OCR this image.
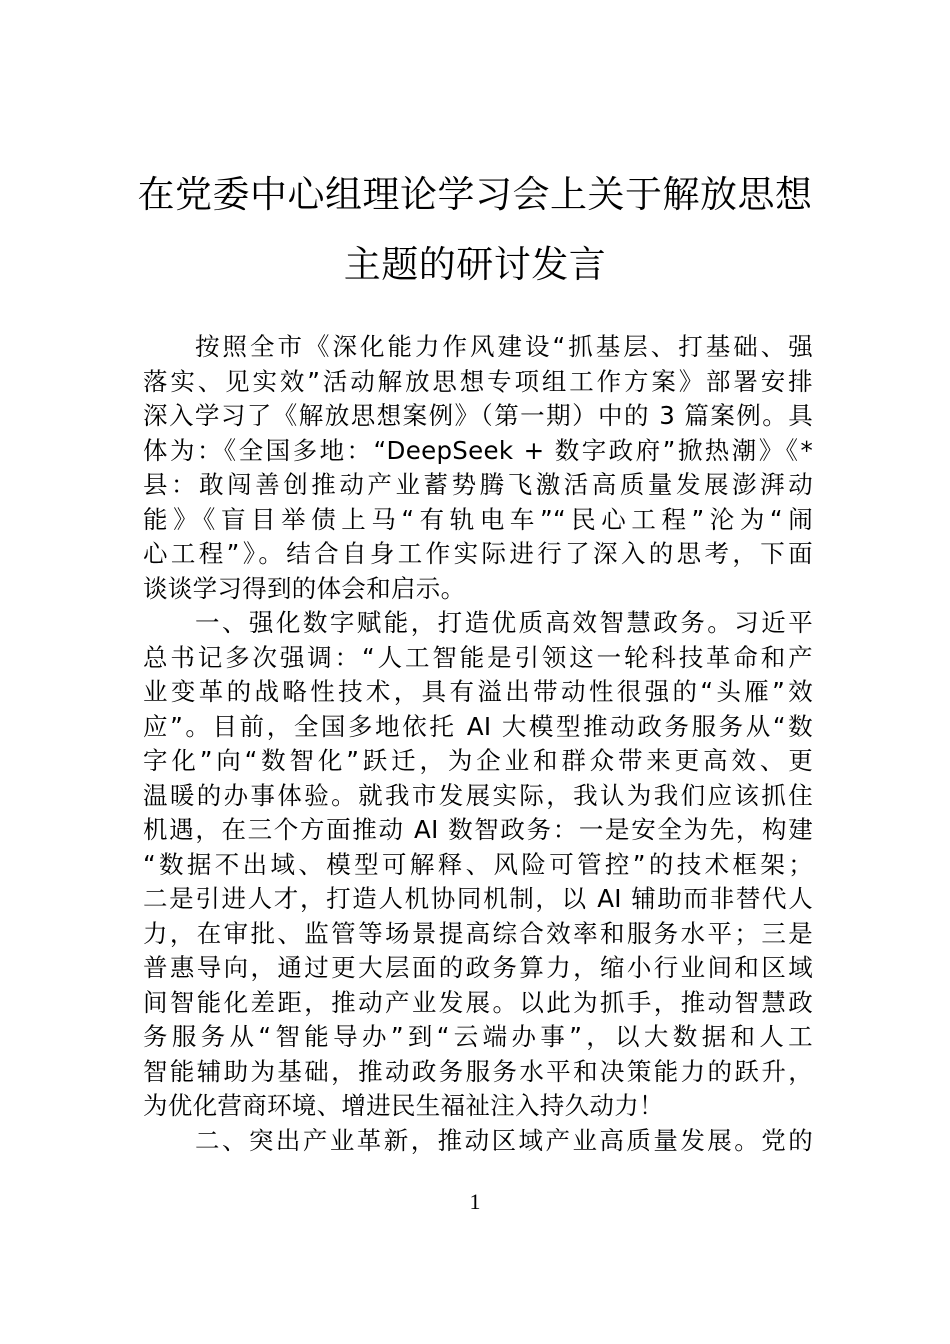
在党委中心组理论学习会上关于解放思想
主题的研讨发言
按照全市《深化能力作风建设“抓基层、打基础、强
落实、见实效”活动解放思想专项组工作方案》部署安排
深入学习了《解放思想案例》（第一期）中的 3 篇案例。具
体为：《全国多地：“DeepSeek + 数字政府”掀热潮》《*
县：敢闯善创推动产业蓄势腾飞激活高质量发展澎湃动
能》《盲目举债上马“有轨电车”“民心工程”沦为“闹
心工程”》。结合自身工作实际进行了深入的思考，下面
谈谈学习得到的体会和启示。
一、强化数字赋能，打造优质高效智慧政务。习近平
总书记多次强调：“人工智能是引领这一轮科技革命和产
业变革的战略性技术，具有溢出带动性很强的“头雁”效
应”。目前，全国多地依托 AI 大模型推动政务服务从“数
字化”向“数智化”跃迁，为企业和群众带来更高效、更
温暖的办事体验。就我市发展实际，我认为我们应该抓住
机遇，在三个方面推动 AI 数智政务：一是安全为先，构建
“数据不出域、模型可解释、风险可管控”的技术框架；
二是引进人才，打造人机协同机制，以 AI 辅助而非替代人
力，在审批、监管等场景提高综合效率和服务水平；三是
普惠导向，通过更大层面的政务算力，缩小行业间和区域
间智能化差距，推动产业发展。以此为抓手，推动智慧政
务服务从“智能导办”到“云端办事”，以大数据和人工
智能辅助为基础，推动政务服务水平和决策能力的跃升，
为优化营商环境、增进民生福祉注入持久动力！
二、突出产业革新，推动区域产业高质量发展。党的
1
